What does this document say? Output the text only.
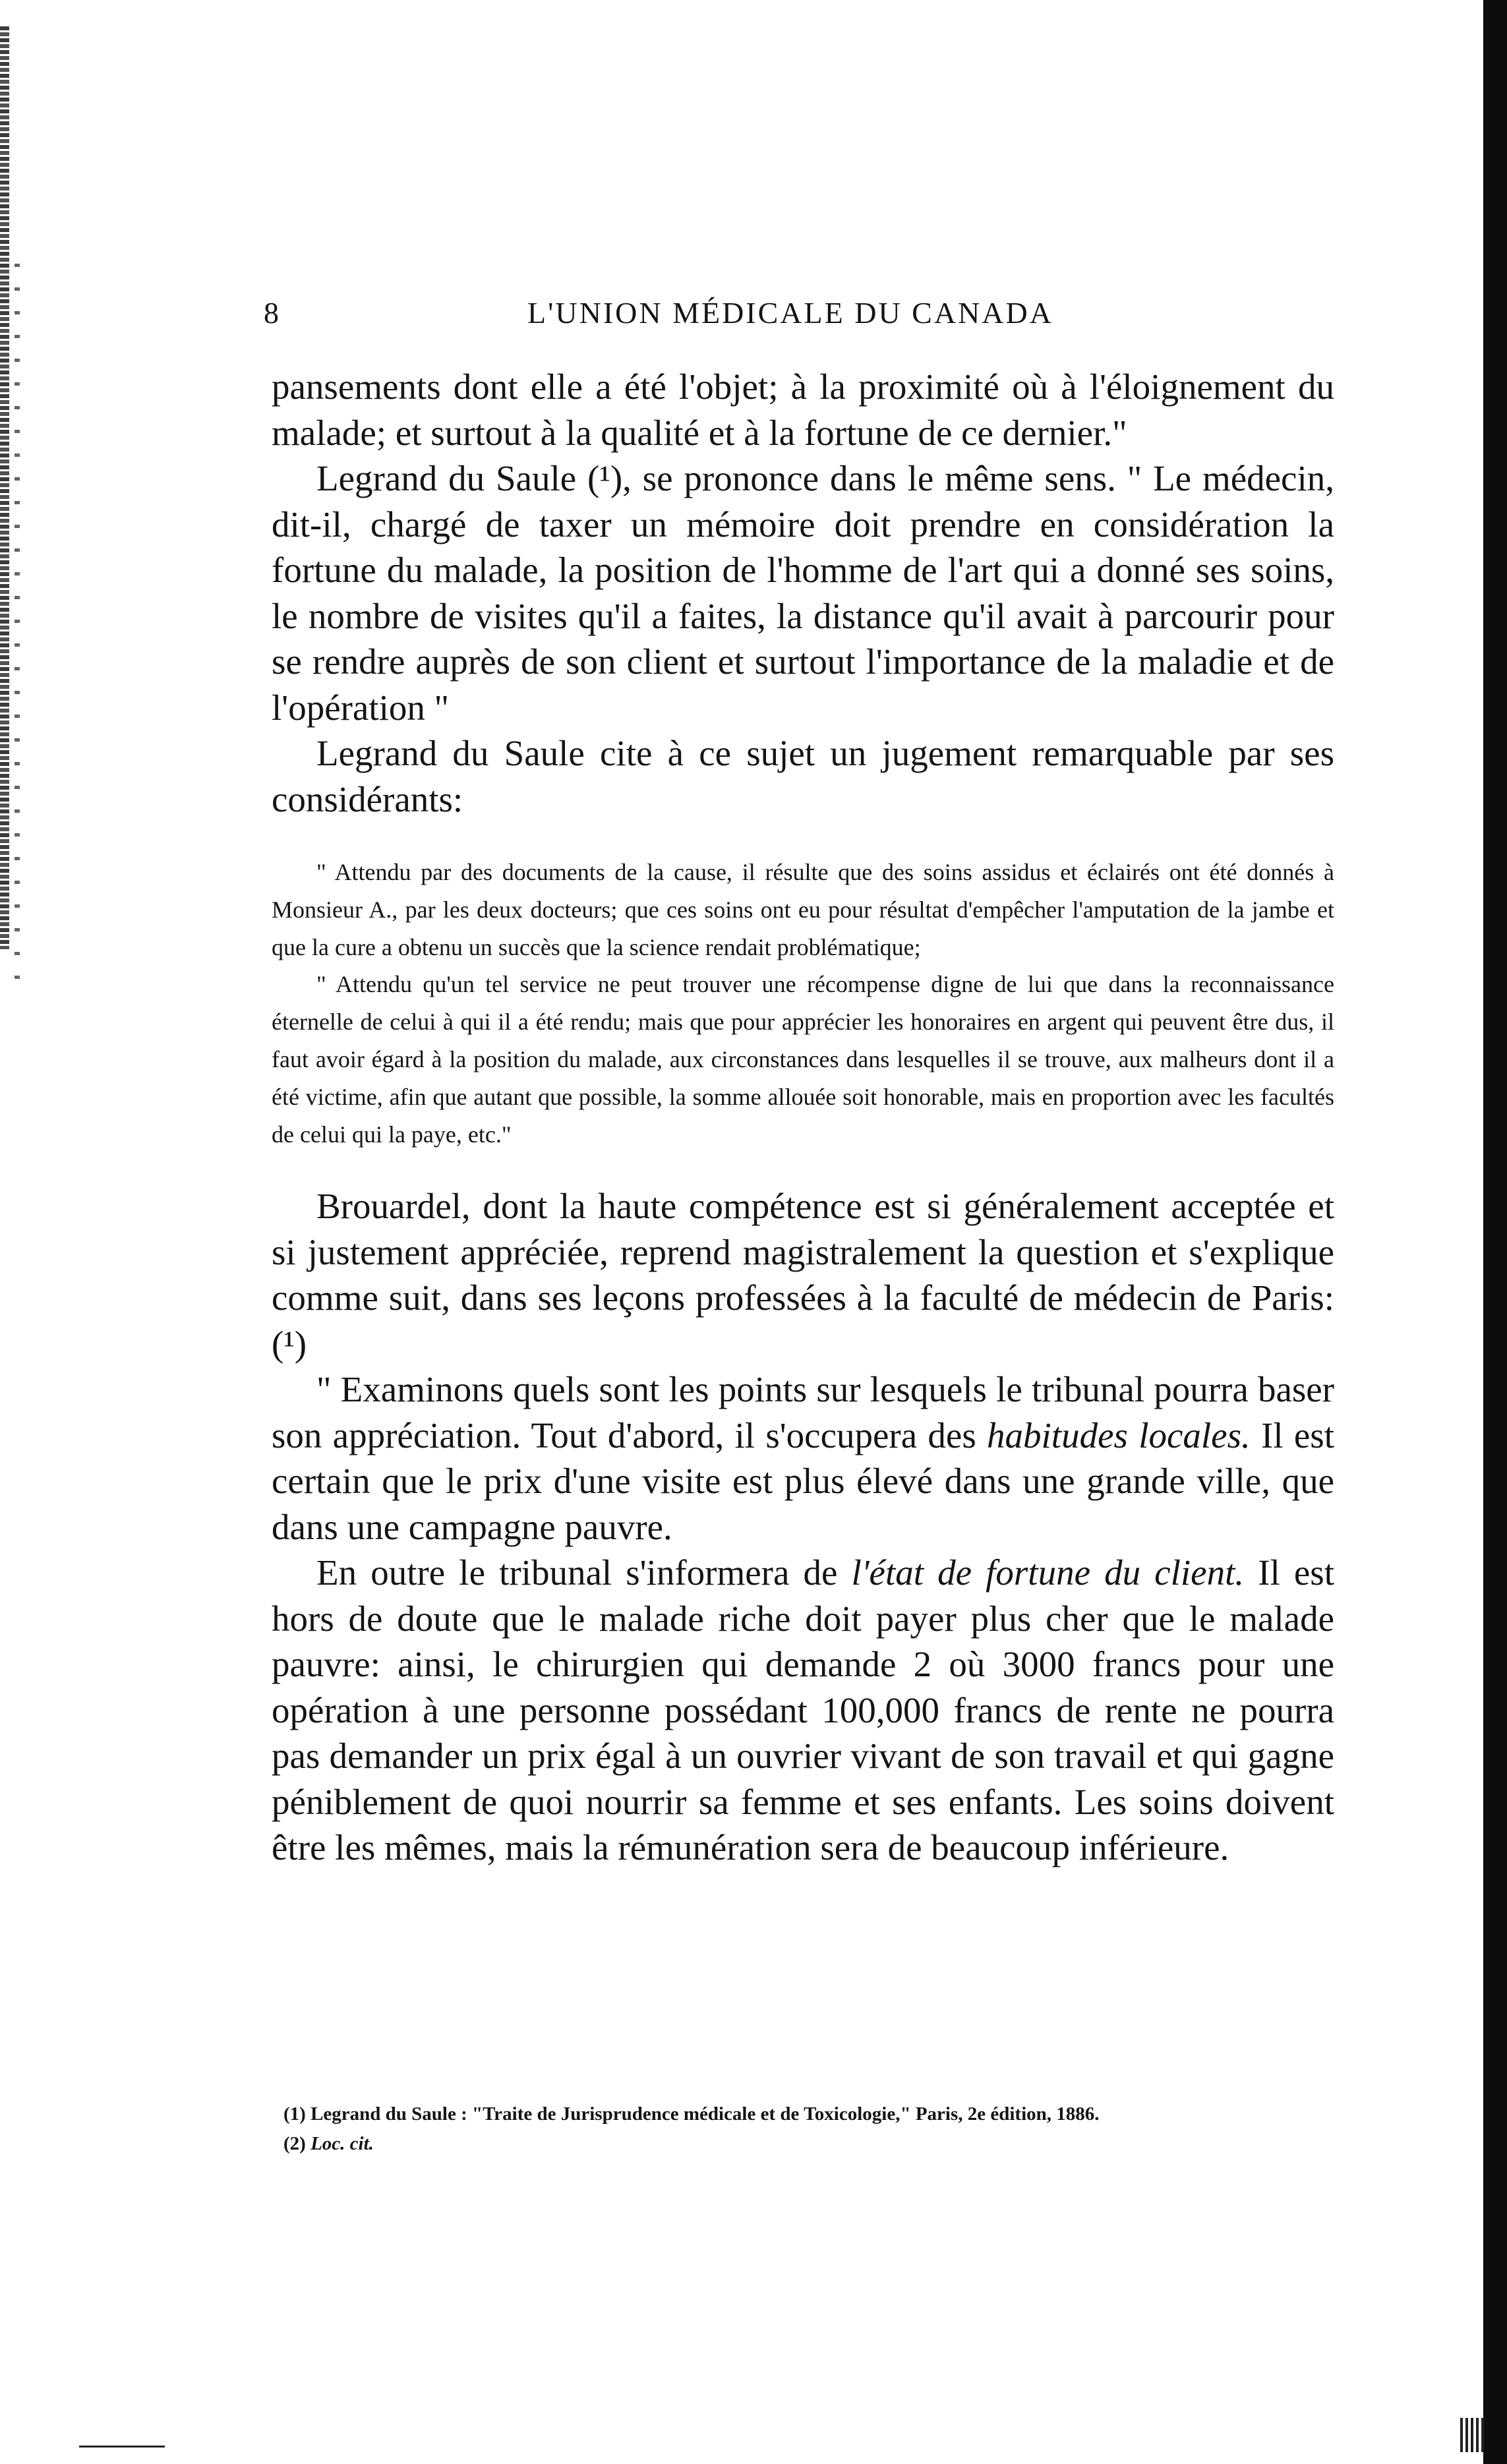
8	L'UNION MÉDICALE DU CANADA

pansements dont elle a été l'objet; à la proximité où à l'éloignement du malade; et surtout à la qualité et à la fortune de ce dernier."

Legrand du Saule (¹), se prononce dans le même sens. " Le médecin, dit-il, chargé de taxer un mémoire doit prendre en considération la fortune du malade, la position de l'homme de l'art qui a donné ses soins, le nombre de visites qu'il a faites, la distance qu'il avait à parcourir pour se rendre auprès de son client et surtout l'importance de la maladie et de l'opération "

Legrand du Saule cite à ce sujet un jugement remarquable par ses considérants:

" Attendu par des documents de la cause, il résulte que des soins assidus et éclairés ont été donnés à Monsieur A., par les deux docteurs; que ces soins ont eu pour résultat d'empêcher l'amputation de la jambe et que la cure a obtenu un succès que la science rendait problématique;

" Attendu qu'un tel service ne peut trouver une récompense digne de lui que dans la reconnaissance éternelle de celui à qui il a été rendu; mais que pour apprécier les honoraires en argent qui peuvent être dus, il faut avoir égard à la position du malade, aux circonstances dans lesquelles il se trouve, aux malheurs dont il a été victime, afin que autant que possible, la somme allouée soit honorable, mais en proportion avec les facultés de celui qui la paye, etc."

Brouardel, dont la haute compétence est si généralement acceptée et si justement appréciée, reprend magistralement la question et s'explique comme suit, dans ses leçons professées à la faculté de médecin de Paris: (¹)

" Examinons quels sont les points sur lesquels le tribunal pourra baser son appréciation. Tout d'abord, il s'occupera des habitudes locales. Il est certain que le prix d'une visite est plus élevé dans une grande ville, que dans une campagne pauvre.

En outre le tribunal s'informera de l'état de fortune du client. Il est hors de doute que le malade riche doit payer plus cher que le malade pauvre: ainsi, le chirurgien qui demande 2 où 3000 francs pour une opération à une personne possédant 100,000 francs de rente ne pourra pas demander un prix égal à un ouvrier vivant de son travail et qui gagne péniblement de quoi nourrir sa femme et ses enfants. Les soins doivent être les mêmes, mais la rémunération sera de beaucoup inférieure.

(1) Legrand du Saule : "Traite de Jurisprudence médicale et de Toxicologie," Paris, 2e édition, 1886.

(2) Loc. cit.
